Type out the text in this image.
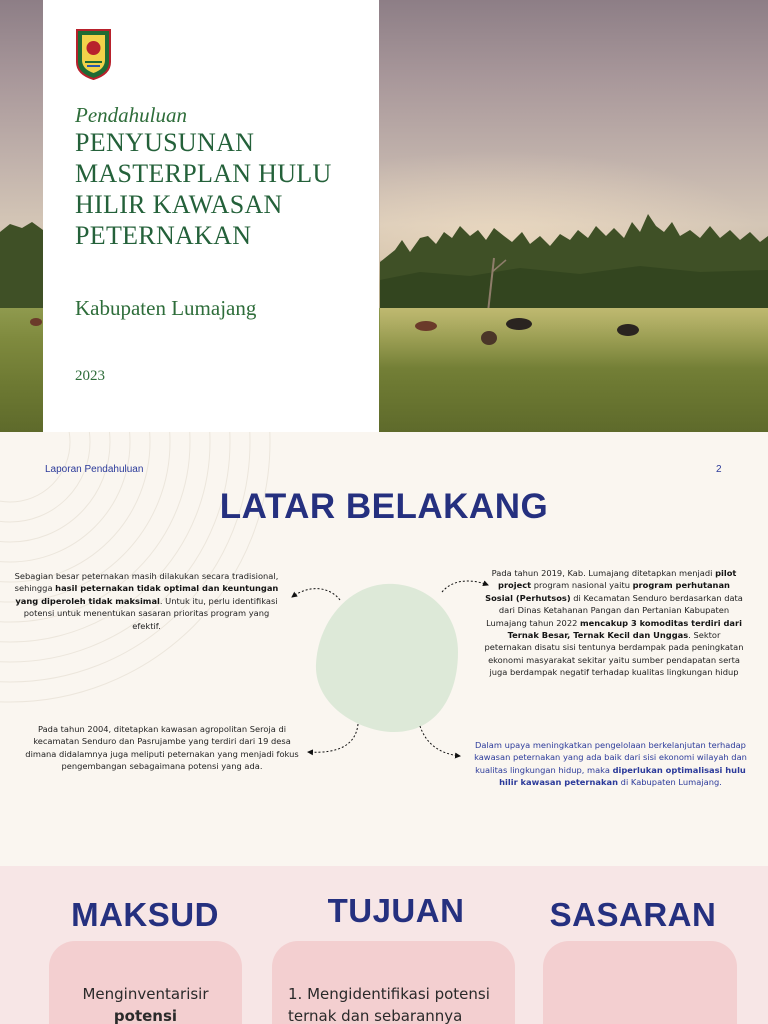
Pendahuluan
PENYUSUNAN MASTERPLAN HULU HILIR KAWASAN PETERNAKAN
Kabupaten Lumajang
2023
Laporan Pendahuluan	2
LATAR BELAKANG
Sebagian besar peternakan masih dilakukan secara tradisional, sehingga hasil peternakan tidak optimal dan keuntungan yang diperoleh tidak maksimal. Untuk itu, perlu identifikasi potensi untuk menentukan sasaran prioritas program yang efektif.
Pada tahun 2019, Kab. Lumajang ditetapkan menjadi pilot project program nasional yaitu program perhutanan Sosial (Perhutsos) di Kecamatan Senduro berdasarkan data dari Dinas Ketahanan Pangan dan Pertanian Kabupaten Lumajang tahun 2022 mencakup 3 komoditas terdiri dari Ternak Besar, Ternak Kecil dan Unggas. Sektor peternakan disatu sisi tentunya berdampak pada peningkatan ekonomi masyarakat sekitar yaitu sumber pendapatan serta juga berdampak negatif terhadap kualitas lingkungan hidup
Pada tahun 2004, ditetapkan kawasan agropolitan Seroja di kecamatan Senduro dan Pasrujambe yang terdiri dari 19 desa dimana didalamnya juga meliputi peternakan yang menjadi fokus pengembangan sebagaimana potensi yang ada.
Dalam upaya meningkatkan pengelolaan berkelanjutan terhadap kawasan peternakan yang ada baik dari sisi ekonomi wilayah dan kualitas lingkungan hidup, maka diperlukan optimalisasi hulu hilir kawasan peternakan di Kabupaten Lumajang.
MAKSUD	TUJUAN	SASARAN
Menginventarisir
potensi
1. Mengidentifikasi potensi ternak dan sebarannya
